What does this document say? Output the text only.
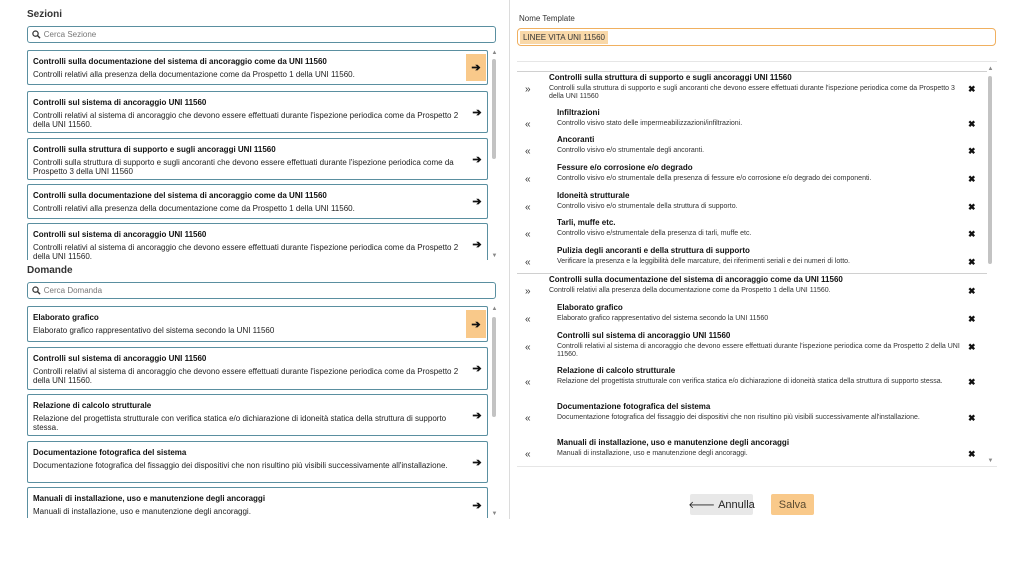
Sezioni
Cerca Sezione
Controlli sulla documentazione del sistema di ancoraggio come da UNI 11560
Controlli relativi alla presenza della documentazione come da Prospetto 1 della UNI 11560.
➔
Controlli sul sistema di ancoraggio UNI 11560
Controlli relativi al sistema di ancoraggio che devono essere effettuati durante l'ispezione periodica come da Prospetto 2 della UNI 11560.
➔
Controlli sulla struttura di supporto e sugli ancoraggi UNI 11560
Controlli sulla struttura di supporto e sugli ancoranti che devono essere effettuati durante l'ispezione periodica come da Prospetto 3 della UNI 11560
➔
Controlli sulla documentazione del sistema di ancoraggio come da UNI 11560
Controlli relativi alla presenza della documentazione come da Prospetto 1 della UNI 11560.
➔
Controlli sul sistema di ancoraggio UNI 11560
Controlli relativi al sistema di ancoraggio che devono essere effettuati durante l'ispezione periodica come da Prospetto 2 della UNI 11560.
➔
▲
▼
Domande
Cerca Domanda
Elaborato grafico
Elaborato grafico rappresentativo del sistema secondo la UNI 11560	➔
Controlli sul sistema di ancoraggio UNI 11560
Controlli relativi al sistema di ancoraggio che devono essere effettuati durante l'ispezione periodica come da Prospetto 2 della UNI 11560.
➔
Relazione di calcolo strutturale
Relazione del progettista strutturale con verifica statica e/o dichiarazione di idoneità statica della struttura di supporto stessa.
➔
Documentazione fotografica del sistema
Documentazione fotografica del fissaggio dei dispositivi che non risultino più visibili successivamente all'installazione.	➔
Manuali di installazione, uso e manutenzione degli ancoraggi
Manuali di installazione, uso e manutenzione degli ancoraggi.	➔
▲
▼
Nome Template
LINEE VITA UNI 11560
»
Controlli sulla struttura di supporto e sugli ancoraggi UNI 11560
Controlli sulla struttura di supporto e sugli ancoranti che devono essere effettuati durante l'ispezione periodica come da Prospetto 3 della UNI 11560
✖
«
Infiltrazioni
Controllo visivo stato delle impermeabilizzazioni/infiltrazioni.	✖
«
Ancoranti
Controllo visivo e/o strumentale degli ancoranti.	✖
«
Fessure e/o corrosione e/o degrado
Controllo visivo e/o strumentale della presenza di fessure e/o corrosione e/o degrado dei componenti.	✖
«
Idoneità strutturale
Controllo visivo e/o strumentale della struttura di supporto.	✖
«
Tarli, muffe etc.
Controllo visivo e/strumentale della presenza di tarli, muffe etc.	✖
«
Pulizia degli ancoranti e della struttura di supporto
Verificare la presenza e la leggibilità delle marcature, dei riferimenti seriali e dei numeri di lotto.	✖
»
Controlli sulla documentazione del sistema di ancoraggio come da UNI 11560
Controlli relativi alla presenza della documentazione come da Prospetto 1 della UNI 11560.	✖
«
Elaborato grafico
Elaborato grafico rappresentativo del sistema secondo la UNI 11560	✖
«
Controlli sul sistema di ancoraggio UNI 11560
Controlli relativi al sistema di ancoraggio che devono essere effettuati durante l'ispezione periodica come da Prospetto 2 della UNI 11560.
✖
«
Relazione di calcolo strutturale
Relazione del progettista strutturale con verifica statica e/o dichiarazione di idoneità statica della struttura di supporto stessa.	✖
«
Documentazione fotografica del sistema
Documentazione fotografica del fissaggio dei dispositivi che non risultino più visibili successivamente all'installazione.	✖
«
Manuali di installazione, uso e manutenzione degli ancoraggi
Manuali di installazione, uso e manutenzione degli ancoraggi.	✖
▲
▼
🡐 Annulla Salva
